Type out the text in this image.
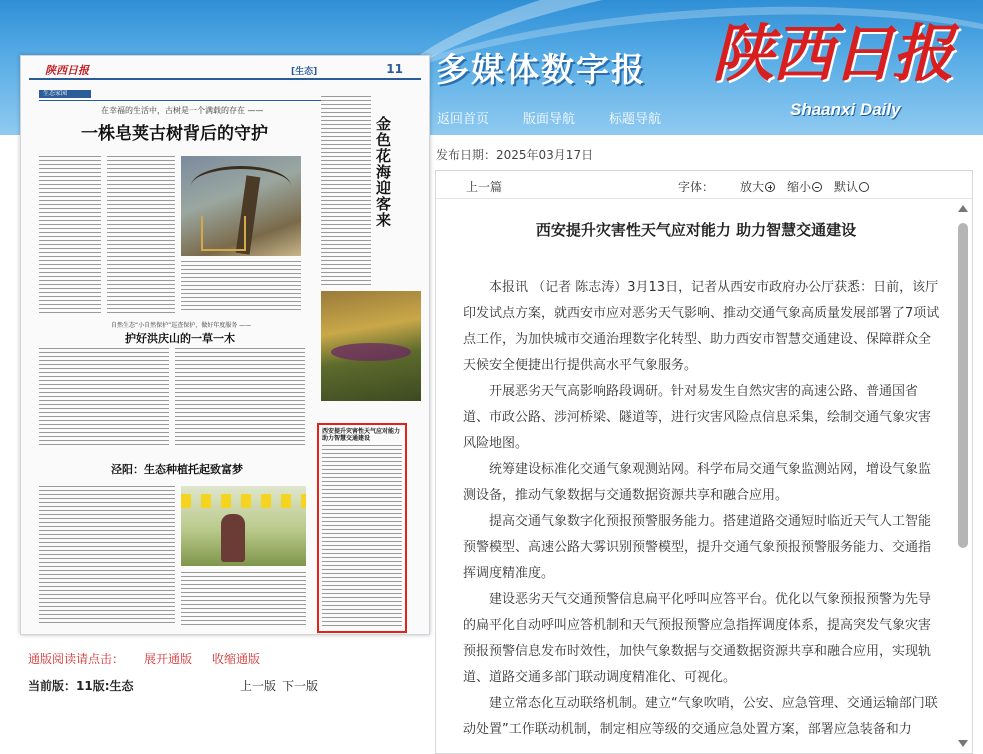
多媒体数字报 陕西日报
Shaanxi Daily
返回首页	版面导航	标题导航
陕西日报	[生态]	11
生态家园
在幸福的生活中，古树是一个满载的存在 ——
一株皂荚古树背后的守护	金色花海迎客来
自然生态“小自然保护”巡查保护，做好年度服务 ——
护好洪庆山的一草一木
泾阳：生态种植托起致富梦
西安提升灾害性天气应对能力 助力智慧交通建设
通版阅读请点击： 展开通版 收缩通版
当前版：11版:生态	上一版 下一版
发布日期：2025年03月17日
上一篇	字体： 放大 缩小 默认
西安提升灾害性天气应对能力 助力智慧交通建设

本报讯 （记者 陈志涛）3月13日，记者从西安市政府办公厅获悉：日前，该厅印发试点方案，就西安市应对恶劣天气影响、推动交通气象高质量发展部署了7项试点工作，为加快城市交通治理数字化转型、助力西安市智慧交通建设、保障群众全天候安全便捷出行提供高水平气象服务。

开展恶劣天气高影响路段调研。针对易发生自然灾害的高速公路、普通国省道、市政公路、涉河桥梁、隧道等，进行灾害风险点信息采集，绘制交通气象灾害风险地图。

统筹建设标准化交通气象观测站网。科学布局交通气象监测站网，增设气象监测设备，推动气象数据与交通数据资源共享和融合应用。

提高交通气象数字化预报预警服务能力。搭建道路交通短时临近天气人工智能预警模型、高速公路大雾识别预警模型，提升交通气象预报预警服务能力、交通指挥调度精准度。

建设恶劣天气交通预警信息扁平化呼叫应答平台。优化以气象预报预警为先导的扁平化自动呼叫应答机制和天气预报预警应急指挥调度体系，提高突发气象灾害预报预警信息发布时效性，加快气象数据与交通数据资源共享和融合应用，实现轨道、道路交通多部门联动调度精准化、可视化。

建立常态化互动联络机制。建立“气象吹哨，公安、应急管理、交通运输部门联动处置”工作联动机制，制定相应等级的交通应急处置方案，部署应急装备和力
